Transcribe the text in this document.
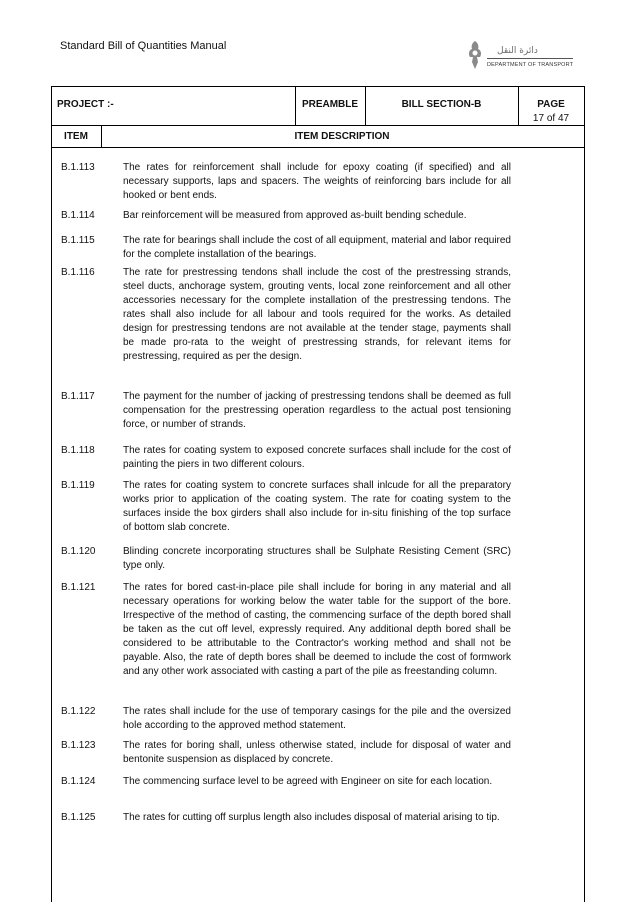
Standard Bill of Quantities Manual	دائرة النقل
DEPARTMENT OF TRANSPORT
PROJECT :-	PREAMBLE	BILL SECTION-B	PAGE
17 of 47
ITEM	ITEM DESCRIPTION
B.1.113	The rates for reinforcement shall include for epoxy coating (if specified) and all necessary supports, laps and spacers. The weights of reinforcing bars include for all hooked or bent ends.
B.1.114	Bar reinforcement will be measured from approved as-built bending schedule.
B.1.115	The rate for bearings shall include the cost of all equipment, material and labor required for the complete installation of the bearings.
B.1.116	The rate for prestressing tendons shall include the cost of the prestressing strands, steel ducts, anchorage system, grouting vents, local zone reinforcement and all other accessories necessary for the complete installation of the prestressing tendons. The rates shall also include for all labour and tools required for the works. As detailed design for prestressing tendons are not available at the tender stage, payments shall be made pro-rata to the weight of prestressing strands, for relevant items for prestressing, required as per the design.
B.1.117	The payment for the number of jacking of prestressing tendons shall be deemed as full compensation for the prestressing operation regardless to the actual post tensioning force, or number of strands.
B.1.118	The rates for coating system to exposed concrete surfaces shall include for the cost of painting the piers in two different colours.
B.1.119	The rates for coating system to concrete surfaces shall inlcude for all the preparatory works prior to application of the coating system. The rate for coating system to the surfaces inside the box girders shall also include for in-situ finishing of the top surface of bottom slab concrete.
B.1.120	Blinding concrete incorporating structures shall be Sulphate Resisting Cement (SRC) type only.
B.1.121	The rates for bored cast-in-place pile shall include for boring in any material and all necessary operations for working below the water table for the support of the bore. Irrespective of the method of casting, the commencing surface of the depth bored shall be taken as the cut off level, expressly required. Any additional depth bored shall be considered to be attributable to the Contractor's working method and shall not be payable. Also, the rate of depth bores shall be deemed to include the cost of formwork and any other work associated with casting a part of the pile as freestanding column.
B.1.122	The rates shall include for the use of temporary casings for the pile and the oversized hole according to the approved method statement.
B.1.123	The rates for boring shall, unless otherwise stated, include for disposal of water and bentonite suspension as displaced by concrete.
B.1.124	The commencing surface level to be agreed with Engineer on site for each location.
B.1.125	The rates for cutting off surplus length also includes disposal of material arising to tip.
